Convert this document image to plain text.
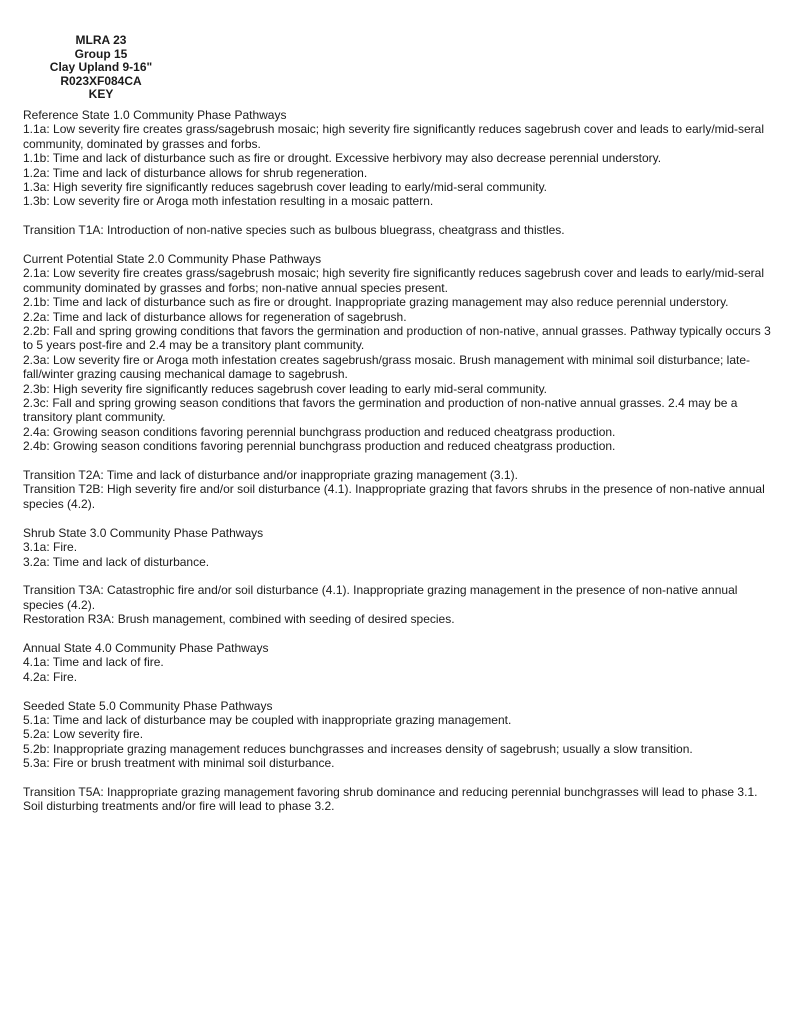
MLRA 23
Group 15
Clay Upland 9-16"
R023XF084CA
KEY

Reference State 1.0 Community Phase Pathways

1.1a: Low severity fire creates grass/sagebrush mosaic; high severity fire significantly reduces sagebrush cover and leads to early/mid-seral community, dominated by grasses and forbs.

1.1b: Time and lack of disturbance such as fire or drought. Excessive herbivory may also decrease perennial understory.

1.2a: Time and lack of disturbance allows for shrub regeneration.

1.3a: High severity fire significantly reduces sagebrush cover leading to early/mid-seral community.

1.3b: Low severity fire or Aroga moth infestation resulting in a mosaic pattern.

Transition T1A: Introduction of non-native species such as bulbous bluegrass, cheatgrass and thistles.

Current Potential State 2.0 Community Phase Pathways

2.1a: Low severity fire creates grass/sagebrush mosaic; high severity fire significantly reduces sagebrush cover and leads to early/mid-seral community dominated by grasses and forbs; non-native annual species present.

2.1b: Time and lack of disturbance such as fire or drought. Inappropriate grazing management may also reduce perennial understory.

2.2a: Time and lack of disturbance allows for regeneration of sagebrush.

2.2b: Fall and spring growing conditions that favors the germination and production of non-native, annual grasses. Pathway typically occurs 3 to 5 years post-fire and 2.4 may be a transitory plant community.

2.3a: Low severity fire or Aroga moth infestation creates sagebrush/grass mosaic. Brush management with minimal soil disturbance; late-fall/winter grazing causing mechanical damage to sagebrush.

2.3b: High severity fire significantly reduces sagebrush cover leading to early mid-seral community.

2.3c: Fall and spring growing season conditions that favors the germination and production of non-native annual grasses. 2.4 may be a transitory plant community.

2.4a: Growing season conditions favoring perennial bunchgrass production and reduced cheatgrass production.

2.4b: Growing season conditions favoring perennial bunchgrass production and reduced cheatgrass production.

Transition T2A: Time and lack of disturbance and/or inappropriate grazing management (3.1).

Transition T2B: High severity fire and/or soil disturbance (4.1). Inappropriate grazing that favors shrubs in the presence of non-native annual species (4.2).

Shrub State 3.0 Community Phase Pathways

3.1a: Fire.

3.2a: Time and lack of disturbance.

Transition T3A: Catastrophic fire and/or soil disturbance (4.1). Inappropriate grazing management in the presence of non-native annual species (4.2).

Restoration R3A: Brush management, combined with seeding of desired species.

Annual State 4.0 Community Phase Pathways

4.1a: Time and lack of fire.

4.2a: Fire.

Seeded State 5.0 Community Phase Pathways

5.1a: Time and lack of disturbance may be coupled with inappropriate grazing management.

5.2a: Low severity fire.

5.2b: Inappropriate grazing management reduces bunchgrasses and increases density of sagebrush; usually a slow transition.

5.3a: Fire or brush treatment with minimal soil disturbance.

Transition T5A: Inappropriate grazing management favoring shrub dominance and reducing perennial bunchgrasses will lead to phase 3.1. Soil disturbing treatments and/or fire will lead to phase 3.2.
